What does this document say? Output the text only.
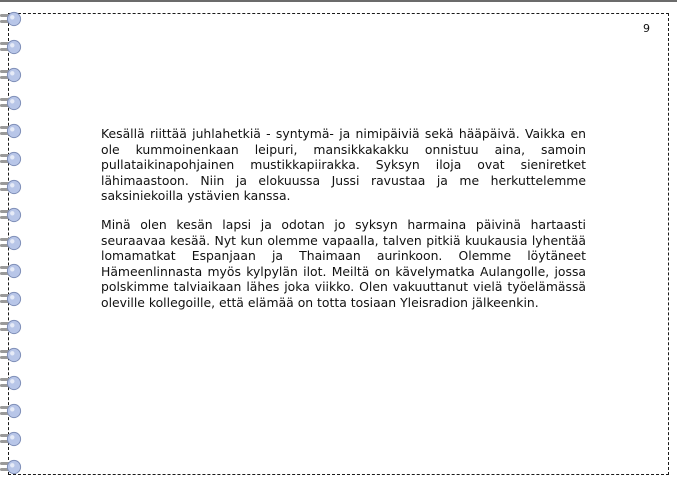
9

Kesällä riittää juhlahetkiä - syntymä- ja nimipäiviä sekä hääpäivä. Vaikka en ole kummoinenkaan leipuri, mansikkakakku onnistuu aina, samoin pullataikinapohjainen mustikkapiirakka. Syksyn iloja ovat sieniretket lähimaastoon. Niin ja elokuussa Jussi ravustaa ja me herkuttelemme saksiniekoilla ystävien kanssa.

Minä olen kesän lapsi ja odotan jo syksyn harmaina päivinä hartaasti seuraavaa kesää. Nyt kun olemme vapaalla, talven pitkiä kuukausia lyhentää lomamatkat Espanjaan ja Thaimaan aurinkoon. Olemme löytäneet Hämeenlinnasta myös kylpylän ilot. Meiltä on kävelymatka Aulangolle, jossa polskimme talviaikaan lähes joka viikko. Olen vakuuttanut vielä työelämässä oleville kollegoille, että elämää on totta tosiaan Yleisradion jälkeenkin.
